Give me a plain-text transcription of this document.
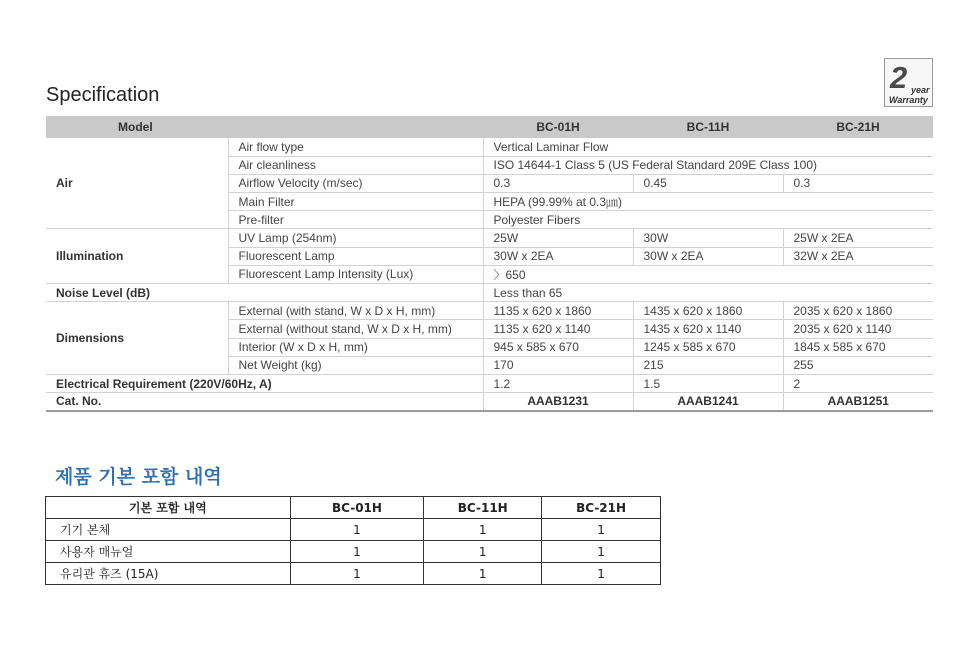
Specification	2 year
Warranty
Model		BC-01H	BC-11H	BC-21H
Air	Air flow type	Vertical Laminar Flow		
	Air cleanliness	ISO 14644-1 Class 5 (US Federal Standard 209E Class 100)		
	Airflow Velocity (m/sec)	0.3	0.45	0.3
	Main Filter	HEPA (99.99% at 0.3㎛)		
	Pre-filter	Polyester Fibers		
Illumination	UV Lamp (254nm)	25W	30W	25W x 2EA
	Fluorescent Lamp	30W x 2EA	30W x 2EA	32W x 2EA
	Fluorescent Lamp Intensity (Lux)	〉650		
Noise Level (dB)		Less than 65		
Dimensions	External (with stand, W x D x H, mm)	1135 x 620 x 1860	1435 x 620 x 1860	2035 x 620 x 1860
	External (without stand, W x D x H, mm)	1135 x 620 x 1140	1435 x 620 x 1140	2035 x 620 x 1140
	Interior (W x D x H, mm)	945 x 585 x 670	1245 x 585 x 670	1845 x 585 x 670
	Net Weight (kg)	170	215	255
Electrical Requirement (220V/60Hz, A)		1.2	1.5	2
Cat. No.		AAAB1231	AAAB1241	AAAB1251
제품 기본 포함 내역
기본 포함 내역	BC-01H	BC-11H	BC-21H
기기 본체	1	1	1
사용자 매뉴얼	1	1	1
유리관 휴즈 (15A)	1	1	1
